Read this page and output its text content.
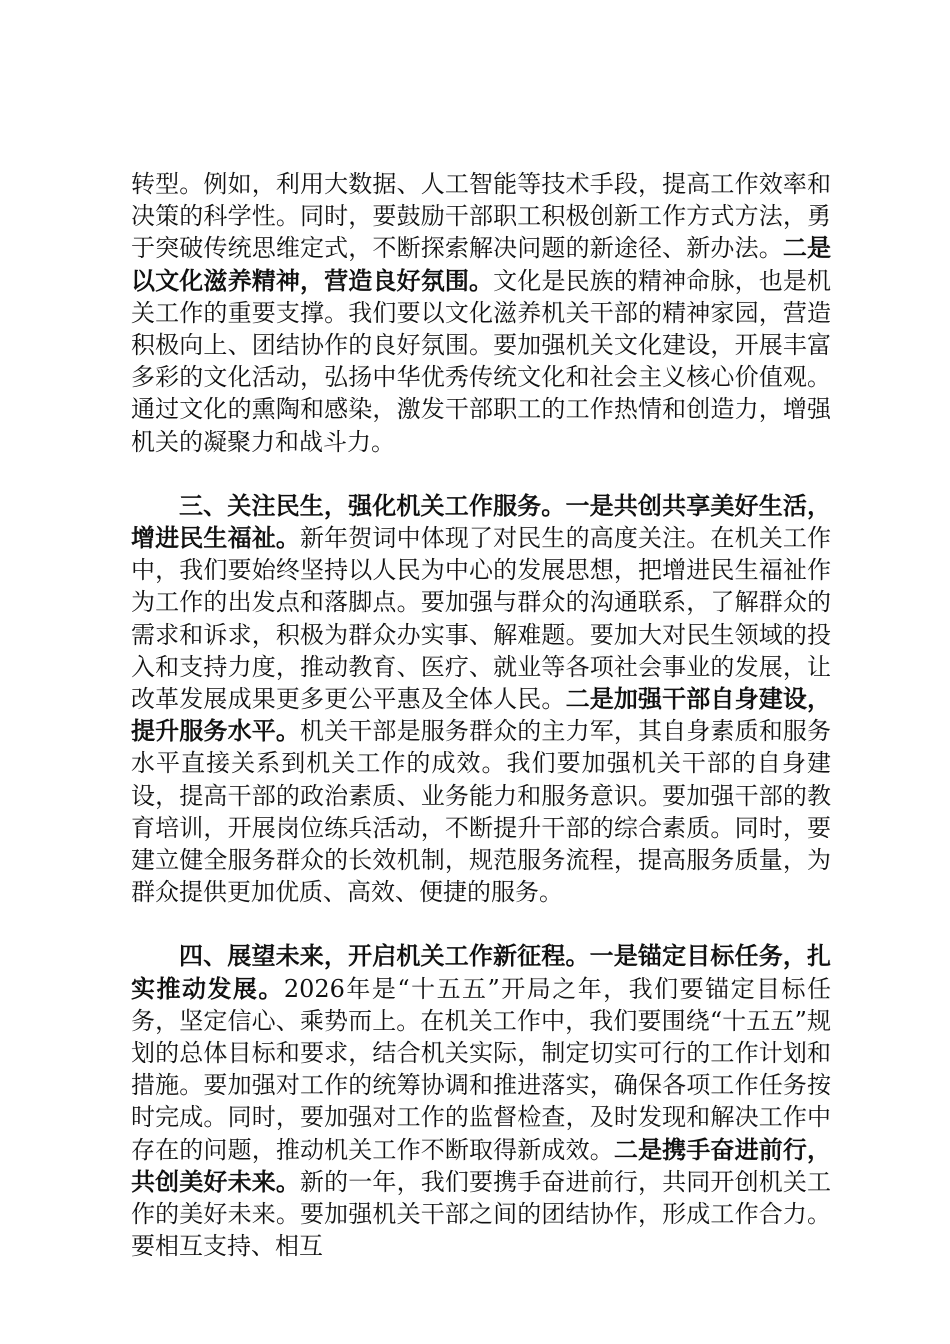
转型。例如，利用大数据、人工智能等技术手段，提高工作效率和决策的科学性。同时，要鼓励干部职工积极创新工作方式方法，勇于突破传统思维定式，不断探索解决问题的新途径、新办法。二是以文化滋养精神，营造良好氛围。文化是民族的精神命脉，也是机关工作的重要支撑。我们要以文化滋养机关干部的精神家园，营造积极向上、团结协作的良好氛围。要加强机关文化建设，开展丰富多彩的文化活动，弘扬中华优秀传统文化和社会主义核心价值观。通过文化的熏陶和感染，激发干部职工的工作热情和创造力，增强机关的凝聚力和战斗力。

三、关注民生，强化机关工作服务。一是共创共享美好生活，增进民生福祉。新年贺词中体现了对民生的高度关注。在机关工作中，我们要始终坚持以人民为中心的发展思想，把增进民生福祉作为工作的出发点和落脚点。要加强与群众的沟通联系，了解群众的需求和诉求，积极为群众办实事、解难题。要加大对民生领域的投入和支持力度，推动教育、医疗、就业等各项社会事业的发展，让改革发展成果更多更公平惠及全体人民。二是加强干部自身建设，提升服务水平。机关干部是服务群众的主力军，其自身素质和服务水平直接关系到机关工作的成效。我们要加强机关干部的自身建设，提高干部的政治素质、业务能力和服务意识。要加强干部的教育培训，开展岗位练兵活动，不断提升干部的综合素质。同时，要建立健全服务群众的长效机制，规范服务流程，提高服务质量，为群众提供更加优质、高效、便捷的服务。

四、展望未来，开启机关工作新征程。一是锚定目标任务，扎实推动发展。2026年是“十五五”开局之年，我们要锚定目标任务，坚定信心、乘势而上。在机关工作中，我们要围绕“十五五”规划的总体目标和要求，结合机关实际，制定切实可行的工作计划和措施。要加强对工作的统筹协调和推进落实，确保各项工作任务按时完成。同时，要加强对工作的监督检查，及时发现和解决工作中存在的问题，推动机关工作不断取得新成效。二是携手奋进前行，共创美好未来。新的一年，我们要携手奋进前行，共同开创机关工作的美好未来。要加强机关干部之间的团结协作，形成工作合力。要相互支持、相互
